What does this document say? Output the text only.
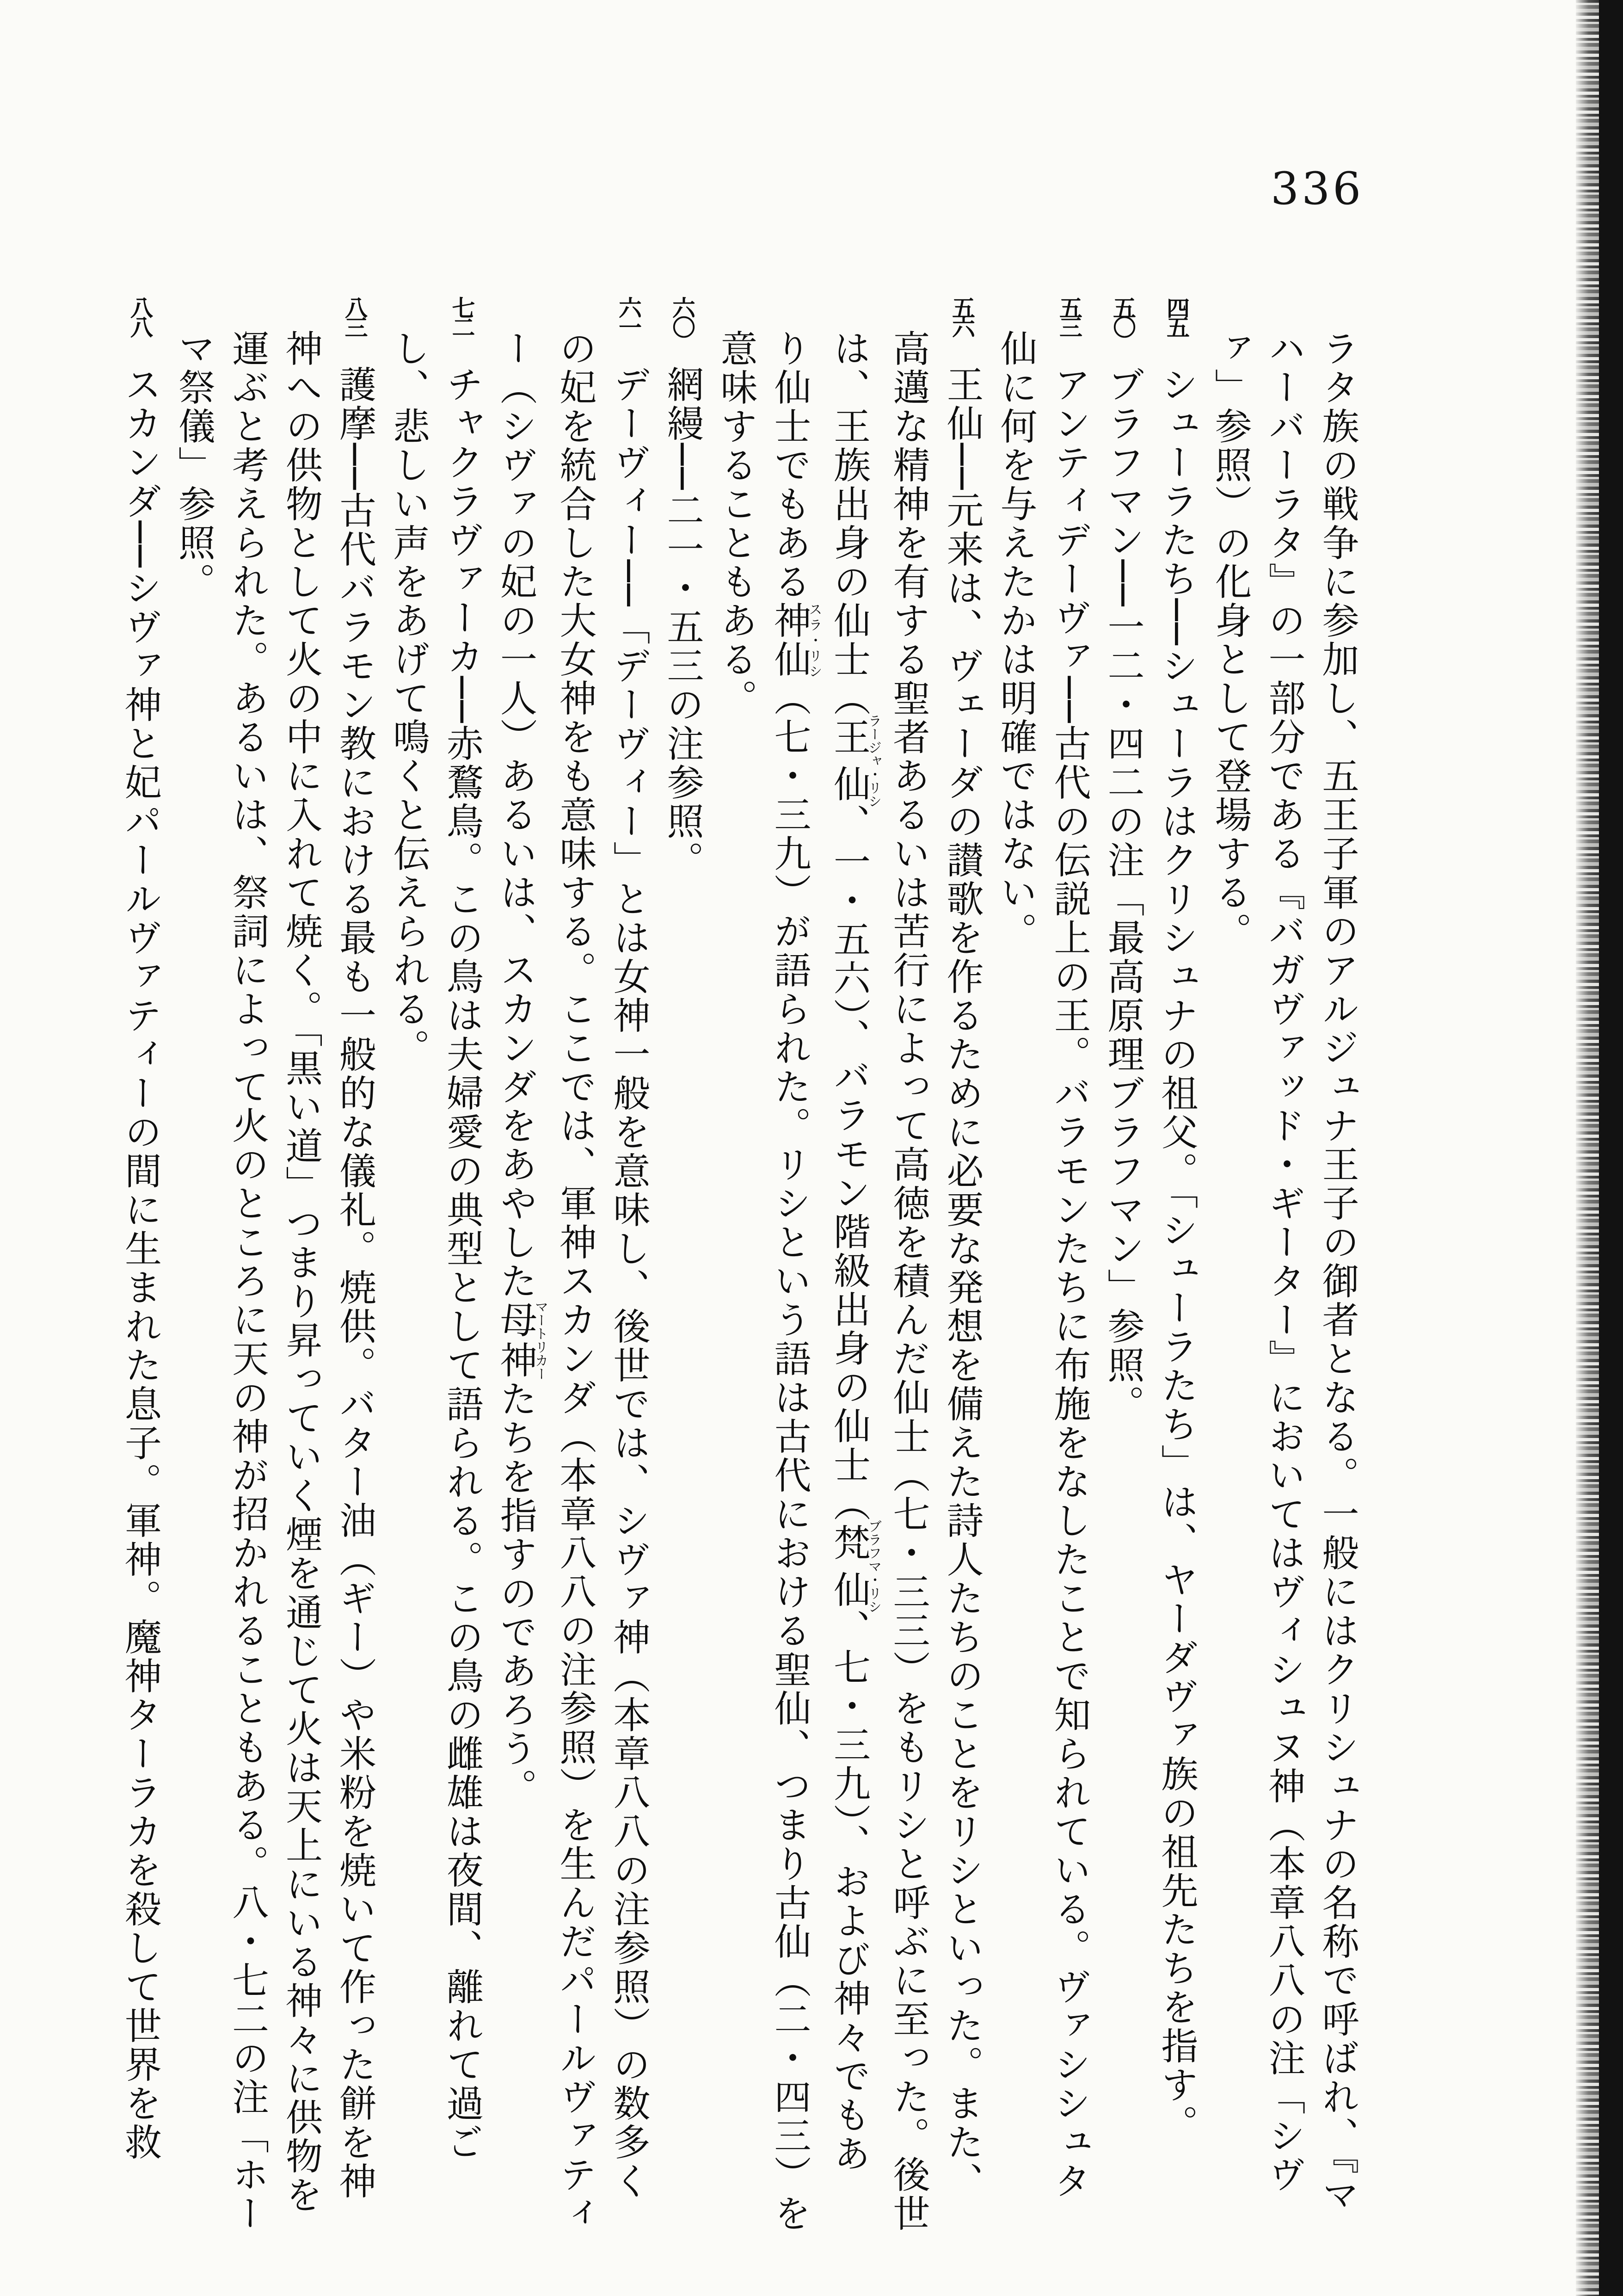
336
ラタ族の戦争に参加し、五王子軍のアルジュナ王子の御者となる。一般にはクリシュナの名称で呼ばれ、『マ
ハーバーラタ』の一部分である『バガヴァッド・ギーター』においてはヴィシュヌ神（本章八八の注「シヴ
ァ」参照）の化身として登場する。
四五シューラたち──シューラはクリシュナの祖父。「シューラたち」は、ヤーダヴァ族の祖先たちを指す。
五〇ブラフマン──一二・四二の注「最高原理ブラフマン」参照。
五三アンティデーヴァ──古代の伝説上の王。バラモンたちに布施をなしたことで知られている。ヴァシシュタ
仙に何を与えたかは明確ではない。
五六王仙──元来は、ヴェーダの讃歌を作るために必要な発想を備えた詩人たちのことをリシといった。また、
高邁な精神を有する聖者あるいは苦行によって高徳を積んだ仙士（七・三三）をもリシと呼ぶに至った。後世
は、王族出身の仙士（王仙ラージャ・リシ、一・五六）、バラモン階級出身の仙士（梵仙ブラフマ・リシ、七・三九）、および神々でもあ
り仙士でもある神仙スラ・リシ（七・三九）が語られた。リシという語は古代における聖仙、つまり古仙（二・四三）を
意味することもある。
六〇網縵──二一・五三の注参照。
六一デーヴィー──「デーヴィー」とは女神一般を意味し、後世では、シヴァ神（本章八八の注参照）の数多く
の妃を統合した大女神をも意味する。ここでは、軍神スカンダ（本章八八の注参照）を生んだパールヴァティ
ー（シヴァの妃の一人）あるいは、スカンダをあやした母神マートリカーたちを指すのであろう。
七二チャクラヴァーカ──赤鶩鳥。この鳥は夫婦愛の典型として語られる。この鳥の雌雄は夜間、離れて過ご
し、悲しい声をあげて鳴くと伝えられる。
八三護摩──古代バラモン教における最も一般的な儀礼。焼供。バター油（ギー）や米粉を焼いて作った餅を神
神への供物として火の中に入れて焼く。「黒い道」つまり昇っていく煙を通じて火は天上にいる神々に供物を
運ぶと考えられた。あるいは、祭詞によって火のところに天の神が招かれることもある。八・七二の注「ホー
マ祭儀」参照。
八八スカンダ──シヴァ神と妃パールヴァティーの間に生まれた息子。軍神。魔神ターラカを殺して世界を救
